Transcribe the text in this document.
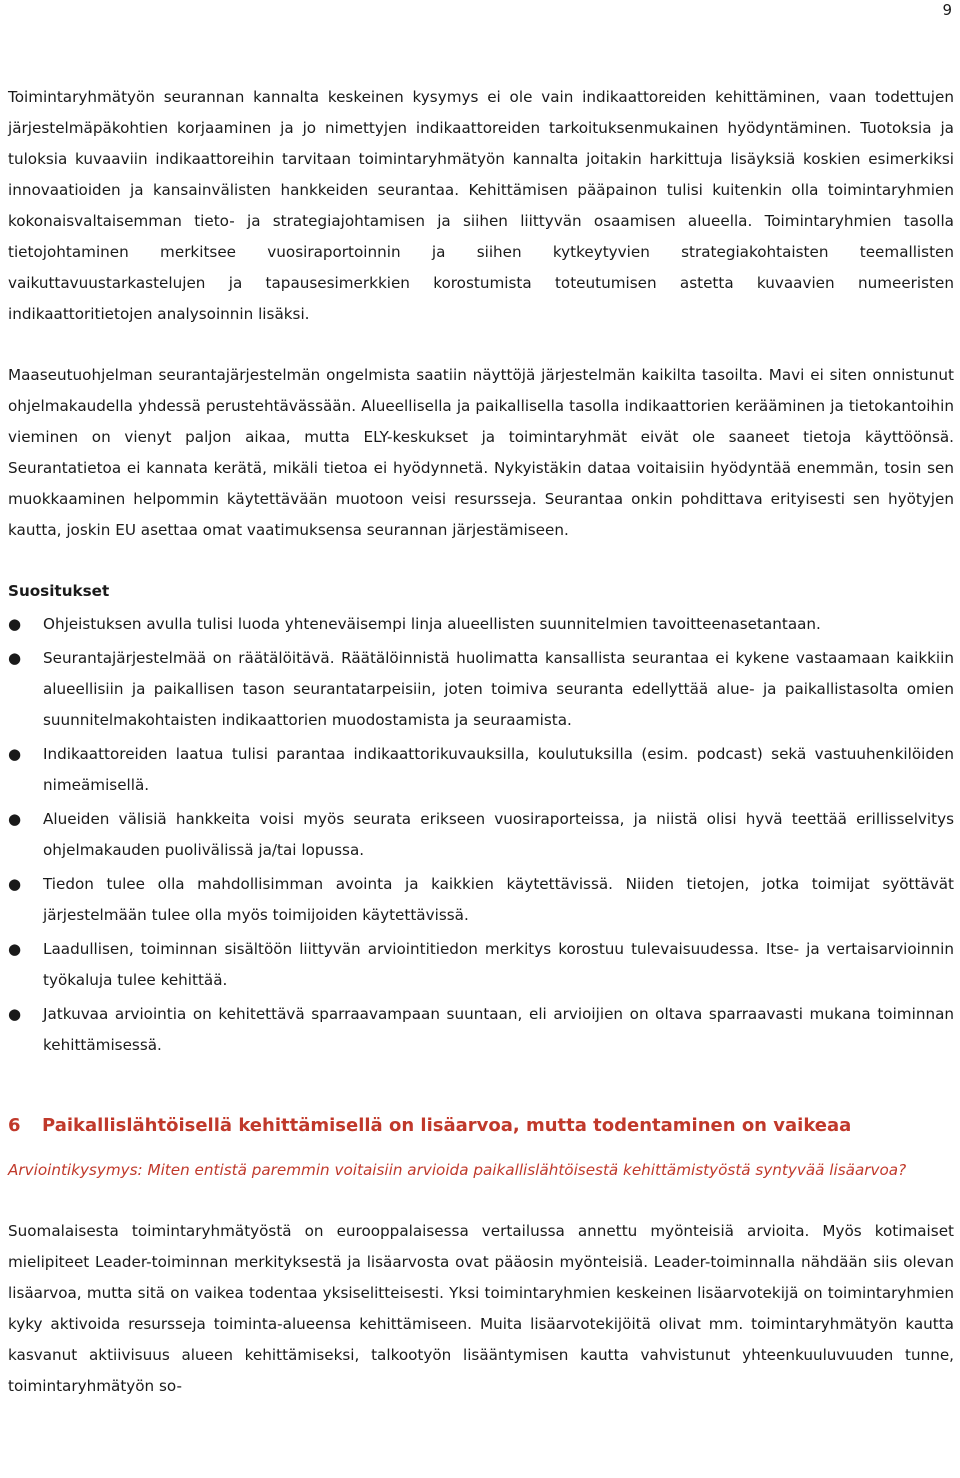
9

Toimintaryhmätyön seurannan kannalta keskeinen kysymys ei ole vain indikaattoreiden kehittäminen, vaan todettujen järjestelmäpäkohtien korjaaminen ja jo nimettyjen indikaattoreiden tarkoituksenmukainen hyödyntäminen. Tuotoksia ja tuloksia kuvaaviin indikaattoreihin tarvitaan toimintaryhmätyön kannalta joitakin harkittuja lisäyksiä koskien esimerkiksi innovaatioiden ja kansainvälisten hankkeiden seurantaa. Kehittämisen pääpainon tulisi kuitenkin olla toimintaryhmien kokonaisvaltaisemman tieto- ja strategiajohtamisen ja siihen liittyvän osaamisen alueella. Toimintaryhmien tasolla tietojohtaminen merkitsee vuosiraportoinnin ja siihen kytkeytyvien strategiakohtaisten teemallisten vaikuttavuustarkastelujen ja tapausesimerkkien korostumista toteutumisen astetta kuvaavien numeeristen indikaattoritietojen analysoinnin lisäksi.

Maaseutuohjelman seurantajärjestelmän ongelmista saatiin näyttöjä järjestelmän kaikilta tasoilta. Mavi ei siten onnistunut ohjelmakaudella yhdessä perustehtävässään. Alueellisella ja paikallisella tasolla indikaattorien kerääminen ja tietokantoihin vieminen on vienyt paljon aikaa, mutta ELY-keskukset ja toimintaryhmät eivät ole saaneet tietoja käyttöönsä. Seurantatietoa ei kannata kerätä, mikäli tietoa ei hyödynnetä. Nykyistäkin dataa voitaisiin hyödyntää enemmän, tosin sen muokkaaminen helpommin käytettävään muotoon veisi resursseja. Seurantaa onkin pohdittava erityisesti sen hyötyjen kautta, joskin EU asettaa omat vaatimuksensa seurannan järjestämiseen.

Suositukset
● Ohjeistuksen avulla tulisi luoda yhteneväisempi linja alueellisten suunnitelmien tavoitteenasetantaan.
● Seurantajärjestelmää on räätälöitävä. Räätälöinnistä huolimatta kansallista seurantaa ei kykene vastaamaan kaikkiin alueellisiin ja paikallisen tason seurantatarpeisiin, joten toimiva seuranta edellyttää alue- ja paikallistasolta omien suunnitelmakohtaisten indikaattorien muodostamista ja seuraamista.
● Indikaattoreiden laatua tulisi parantaa indikaattorikuvauksilla, koulutuksilla (esim. podcast) sekä vastuuhenkilöiden nimeämisellä.
● Alueiden välisiä hankkeita voisi myös seurata erikseen vuosiraporteissa, ja niistä olisi hyvä teettää erillisselvitys ohjelmakauden puolivälissä ja/tai lopussa.
● Tiedon tulee olla mahdollisimman avointa ja kaikkien käytettävissä. Niiden tietojen, jotka toimijat syöttävät järjestelmään tulee olla myös toimijoiden käytettävissä.
● Laadullisen, toiminnan sisältöön liittyvän arviointitiedon merkitys korostuu tulevaisuudessa. Itse- ja vertaisarvioinnin työkaluja tulee kehittää.
● Jatkuvaa arviointia on kehitettävä sparraavampaan suuntaan, eli arvioijien on oltava sparraavasti mukana toiminnan kehittämisessä.
6 Paikallislähtöisellä kehittämisellä on lisäarvoa, mutta todentaminen on vaikeaa

Arviointikysymys: Miten entistä paremmin voitaisiin arvioida paikallislähtöisestä kehittämistyöstä syntyvää lisäarvoa?

Suomalaisesta toimintaryhmätyöstä on eurooppalaisessa vertailussa annettu myönteisiä arvioita. Myös kotimaiset mielipiteet Leader-toiminnan merkityksestä ja lisäarvosta ovat pääosin myönteisiä. Leader-toiminnalla nähdään siis olevan lisäarvoa, mutta sitä on vaikea todentaa yksiselitteisesti. Yksi toimintaryhmien keskeinen lisäarvotekijä on toimintaryhmien kyky aktivoida resursseja toiminta-alueensa kehittämiseen. Muita lisäarvotekijöitä olivat mm. toimintaryhmätyön kautta kasvanut aktiivisuus alueen kehittämiseksi, talkootyön lisääntymisen kautta vahvistunut yhteenkuuluvuuden tunne, toimintaryhmätyön so-
